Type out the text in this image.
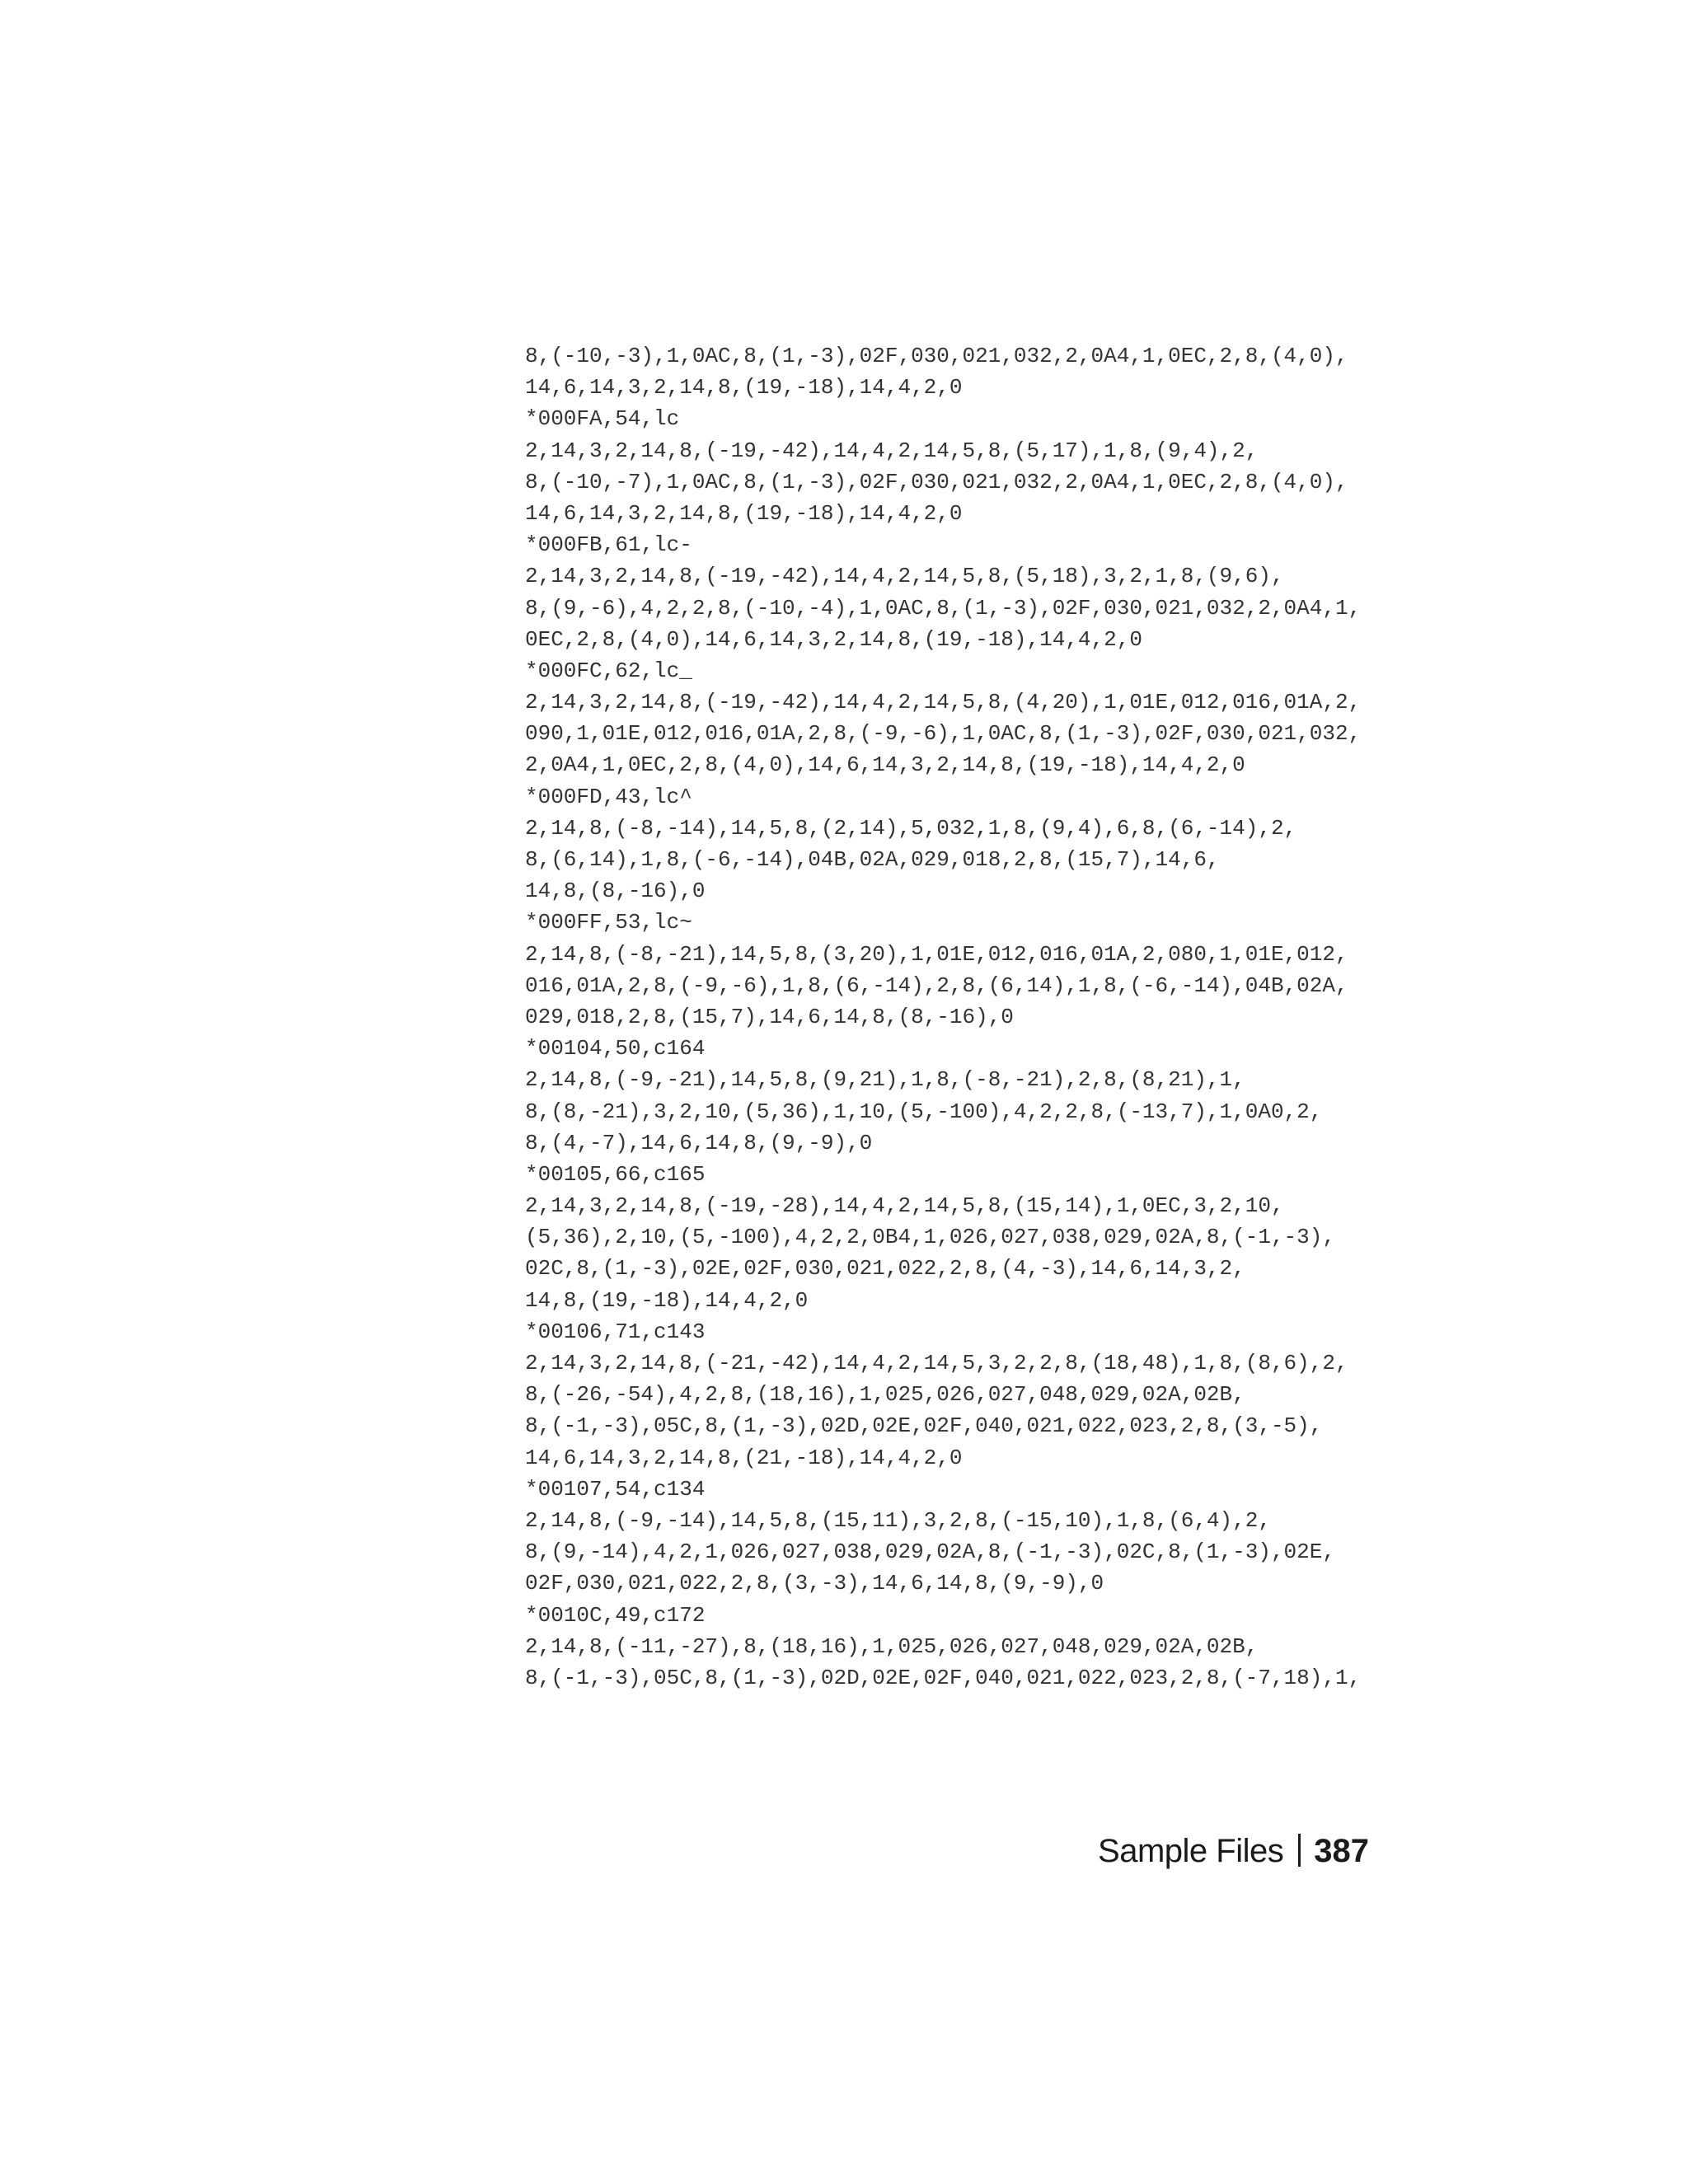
8,(-10,-3),1,0AC,8,(1,-3),02F,030,021,032,2,0A4,1,0EC,2,8,(4,0),
14,6,14,3,2,14,8,(19,-18),14,4,2,0
*000FA,54,lc
2,14,3,2,14,8,(-19,-42),14,4,2,14,5,8,(5,17),1,8,(9,4),2,
8,(-10,-7),1,0AC,8,(1,-3),02F,030,021,032,2,0A4,1,0EC,2,8,(4,0),
14,6,14,3,2,14,8,(19,-18),14,4,2,0
*000FB,61,lc-
2,14,3,2,14,8,(-19,-42),14,4,2,14,5,8,(5,18),3,2,1,8,(9,6),
8,(9,-6),4,2,2,8,(-10,-4),1,0AC,8,(1,-3),02F,030,021,032,2,0A4,1,
0EC,2,8,(4,0),14,6,14,3,2,14,8,(19,-18),14,4,2,0
*000FC,62,lc_
2,14,3,2,14,8,(-19,-42),14,4,2,14,5,8,(4,20),1,01E,012,016,01A,2,
090,1,01E,012,016,01A,2,8,(-9,-6),1,0AC,8,(1,-3),02F,030,021,032,
2,0A4,1,0EC,2,8,(4,0),14,6,14,3,2,14,8,(19,-18),14,4,2,0
*000FD,43,lc^
2,14,8,(-8,-14),14,5,8,(2,14),5,032,1,8,(9,4),6,8,(6,-14),2,
8,(6,14),1,8,(-6,-14),04B,02A,029,018,2,8,(15,7),14,6,
14,8,(8,-16),0
*000FF,53,lc~
2,14,8,(-8,-21),14,5,8,(3,20),1,01E,012,016,01A,2,080,1,01E,012,
016,01A,2,8,(-9,-6),1,8,(6,-14),2,8,(6,14),1,8,(-6,-14),04B,02A,
029,018,2,8,(15,7),14,6,14,8,(8,-16),0
*00104,50,c164
2,14,8,(-9,-21),14,5,8,(9,21),1,8,(-8,-21),2,8,(8,21),1,
8,(8,-21),3,2,10,(5,36),1,10,(5,-100),4,2,2,8,(-13,7),1,0A0,2,
8,(4,-7),14,6,14,8,(9,-9),0
*00105,66,c165
2,14,3,2,14,8,(-19,-28),14,4,2,14,5,8,(15,14),1,0EC,3,2,10,
(5,36),2,10,(5,-100),4,2,2,0B4,1,026,027,038,029,02A,8,(-1,-3),
02C,8,(1,-3),02E,02F,030,021,022,2,8,(4,-3),14,6,14,3,2,
14,8,(19,-18),14,4,2,0
*00106,71,c143
2,14,3,2,14,8,(-21,-42),14,4,2,14,5,3,2,2,8,(18,48),1,8,(8,6),2,
8,(-26,-54),4,2,8,(18,16),1,025,026,027,048,029,02A,02B,
8,(-1,-3),05C,8,(1,-3),02D,02E,02F,040,021,022,023,2,8,(3,-5),
14,6,14,3,2,14,8,(21,-18),14,4,2,0
*00107,54,c134
2,14,8,(-9,-14),14,5,8,(15,11),3,2,8,(-15,10),1,8,(6,4),2,
8,(9,-14),4,2,1,026,027,038,029,02A,8,(-1,-3),02C,8,(1,-3),02E,
02F,030,021,022,2,8,(3,-3),14,6,14,8,(9,-9),0
*0010C,49,c172
2,14,8,(-11,-27),8,(18,16),1,025,026,027,048,029,02A,02B,
8,(-1,-3),05C,8,(1,-3),02D,02E,02F,040,021,022,023,2,8,(-7,18),1,
Sample Files 387
